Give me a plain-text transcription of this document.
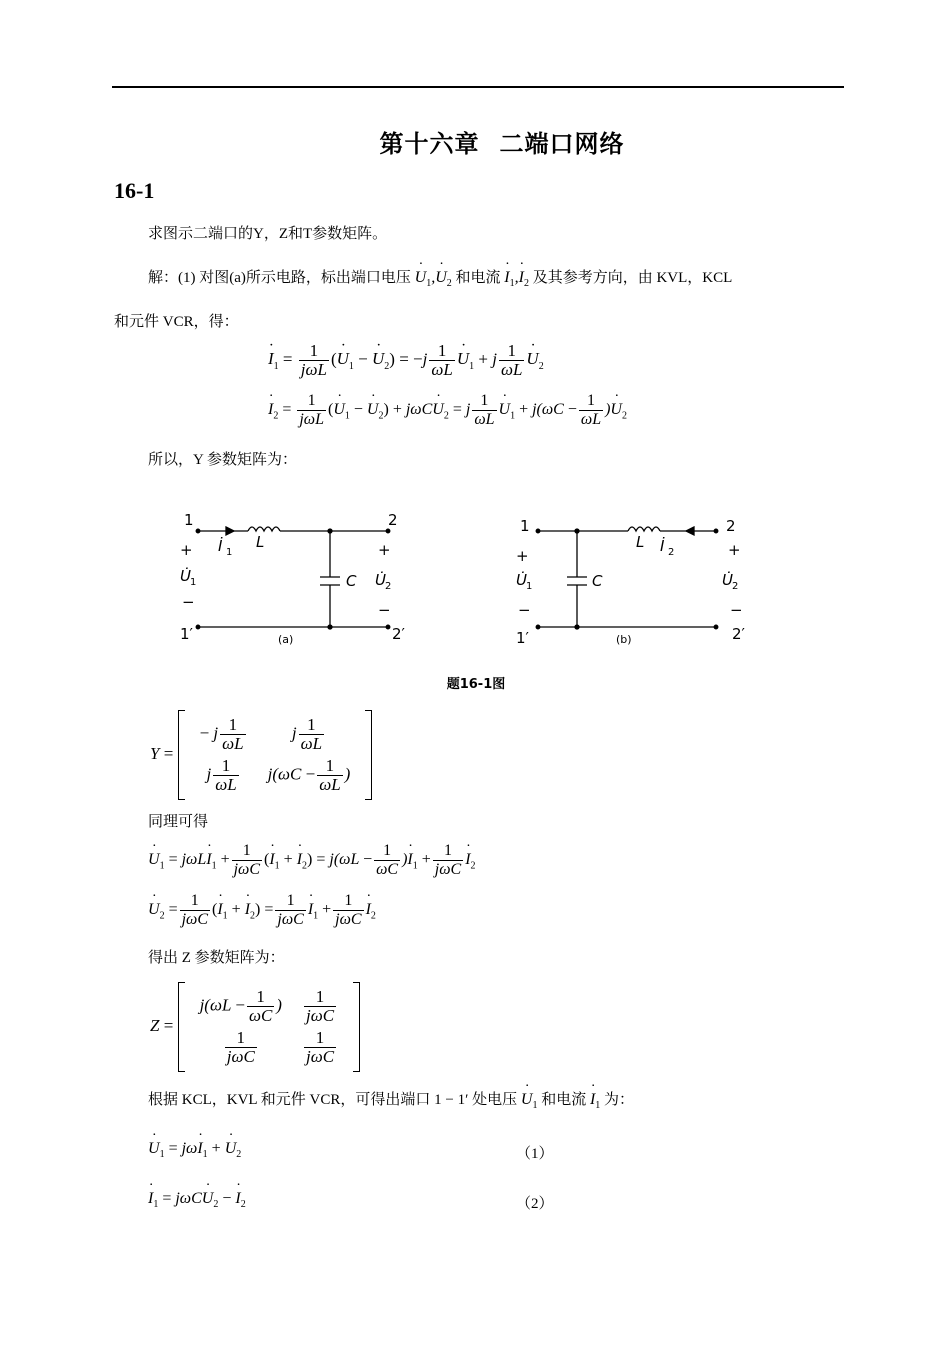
第十六章 二端口网络
16-1
求图示二端口的Y，Z和T参数矩阵。
解：(1) 对图(a)所示电路，标出端口电压 U $˙_1,U$ $˙_2$ 和电流 I $˙_1,I$ $˙_2$ 及其参考方向，由 KVL，KCL
和元件 VCR，得：
I $˙_1 = \frac{1}{\text{jωL}} (U$ $˙_1 - U$ $˙_2) = -j \frac{1}{\omega L}$ U $˙_1 + j \frac{1}{\omega L}$ U $˙_2$
I $˙_2 = \frac{1}{\text{jωL}} (U$ $˙_1 - U$ $˙_2) + j\omega CU$ $˙_2 = j \frac{1}{\omega L}$ U $˙_1 + j(\omega C - \frac{1}{\omega L} )U$ $˙_2$
所以，Y 参数矩阵为：
1	2
+	+
−	−
1′	2′
L
C
(a)
İ 1
U̇ 1	U̇ 2
1	2
+	+
−	−
1′	2′
L
C
(b)
İ 2
U̇ 1	U̇ 2
题16-1图
Y =
− j $\frac{1}{\omega L}$	j $\frac{1}{\omega L}$

j $\frac{1}{\omega L}$	$j(\omega C - \frac{1}{\omega L}$ )
同理可得
U $˙_1 = j\omega LI$ $˙_1 + \frac{1}{\text{jωC}} (I$ $˙_1 + I$ $˙_2) = j(\omega L - \frac{1}{\omega C} )I$ $˙_1 + \frac{1}{\text{jωC}}$ I $˙_2$
U $˙_2 = \frac{1}{\text{jωC}} (I$ $˙_1 + I$ $˙_2) = \frac{1}{\text{jωC}}$ I $˙_1 + \frac{1}{\text{jωC}}$ I $˙_2$
得出 Z 参数矩阵为：
Z =
$j(\omega L - \frac{1}{\omega C}$ )	$\frac{1}{\text{jωC}}$

$\frac{1}{\text{jωC}}$	$\frac{1}{\text{jωC}}$
根据 KCL，KVL 和元件 VCR，可得出端口 1 − 1′ 处电压 U $˙_1$ 和电流 I $˙_1$ 为：
U $˙_1 = j\omega I$ $˙_1 + U$ $˙_2$	（1）
I $˙_1 = j\omega CU$ $˙_2 - I$ $˙_2$	（2）
